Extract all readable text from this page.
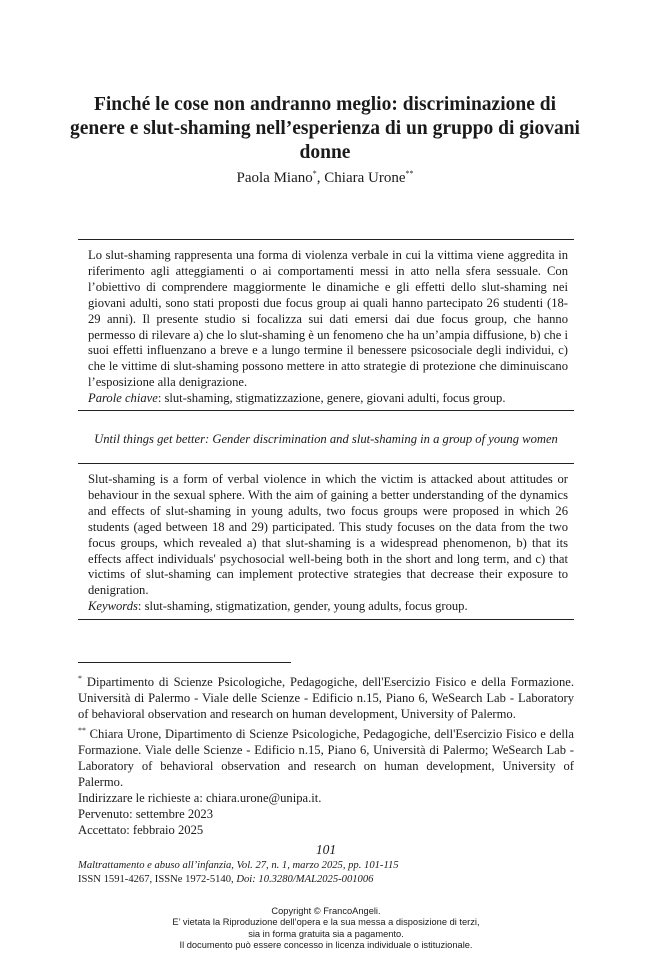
Finché le cose non andranno meglio: discriminazione di genere e slut-shaming nell’esperienza di un gruppo di giovani donne
Paola Miano*, Chiara Urone**

Lo slut-shaming rappresenta una forma di violenza verbale in cui la vittima viene aggredita in riferimento agli atteggiamenti o ai comportamenti messi in atto nella sfera sessuale. Con l’obiettivo di comprendere maggiormente le dinamiche e gli effetti dello slut-shaming nei giovani adulti, sono stati proposti due focus group ai quali hanno partecipato 26 studenti (18-29 anni). Il presente studio si focalizza sui dati emersi dai due focus group, che hanno permesso di rilevare a) che lo slut-shaming è un fenomeno che ha un’ampia diffusione, b) che i suoi effetti influenzano a breve e a lungo termine il benessere psicosociale degli individui, c) che le vittime di slut-shaming possono mettere in atto strategie di protezione che diminuiscano l’esposizione alla denigrazione.

Parole chiave: slut-shaming, stigmatizzazione, genere, giovani adulti, focus group.

Until things get better: Gender discrimination and slut-shaming in a group of young women

Slut-shaming is a form of verbal violence in which the victim is attacked about attitudes or behaviour in the sexual sphere. With the aim of gaining a better understanding of the dynamics and effects of slut-shaming in young adults, two focus groups were proposed in which 26 students (aged between 18 and 29) participated. This study focuses on the data from the two focus groups, which revealed a) that slut-shaming is a widespread phenomenon, b) that its effects affect individuals' psychosocial well-being both in the short and long term, and c) that victims of slut-shaming can implement protective strategies that decrease their exposure to denigration.

Keywords: slut-shaming, stigmatization, gender, young adults, focus group.

* Dipartimento di Scienze Psicologiche, Pedagogiche, dell'Esercizio Fisico e della Formazione. Università di Palermo - Viale delle Scienze - Edificio n.15, Piano 6, WeSearch Lab - Laboratory of behavioral observation and research on human development, University of Palermo.

** Chiara Urone, Dipartimento di Scienze Psicologiche, Pedagogiche, dell'Esercizio Fisico e della Formazione. Viale delle Scienze - Edificio n.15, Piano 6, Università di Palermo; WeSearch Lab - Laboratory of behavioral observation and research on human development, University of Palermo.

Indirizzare le richieste a: chiara.urone@unipa.it.

Pervenuto: settembre 2023

Accettato: febbraio 2025

101
Maltrattamento e abuso all’infanzia, Vol. 27, n. 1, marzo 2025, pp. 101-115
ISSN 1591-4267, ISSNe 1972-5140, Doi: 10.3280/MAL2025-001006
Copyright © FrancoAngeli.
E’ vietata la Riproduzione dell’opera e la sua messa a disposizione di terzi,
sia in forma gratuita sia a pagamento.
Il documento può essere concesso in licenza individuale o istituzionale.
